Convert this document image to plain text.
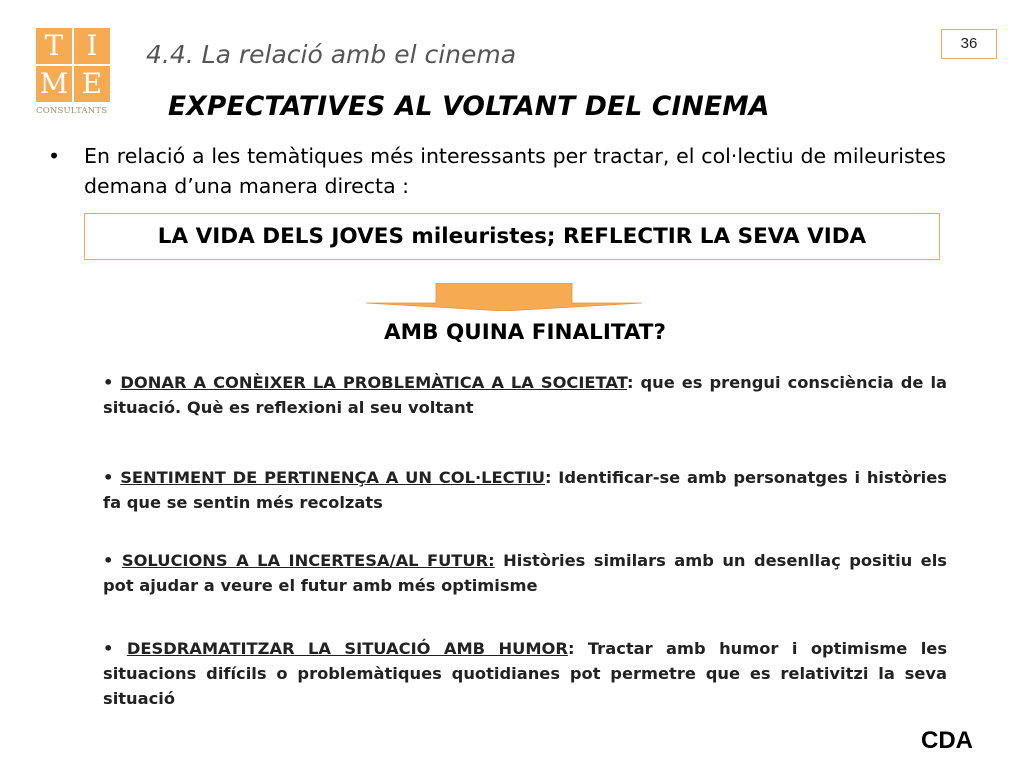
T I
M E
CONSULTANTS
4.4. La relació amb el cinema	36
EXPECTATIVES AL VOLTANT DEL CINEMA
•	En relació a les temàtiques més interessants per tractar, el col·lectiu de mileuristes demana d’una manera directa :
LA VIDA DELS JOVES mileuristes; REFLECTIR LA SEVA VIDA
AMB QUINA FINALITAT?
• DONAR A CONÈIXER LA PROBLEMÀTICA A LA SOCIETAT: que es prengui consciència de la situació. Què es reflexioni al seu voltant
• SENTIMENT DE PERTINENÇA A UN COL·LECTIU: Identificar-se amb personatges i històries fa que se sentin més recolzats
• SOLUCIONS A LA INCERTESA/AL FUTUR: Històries similars amb un desenllaç positiu els pot ajudar a veure el futur amb més optimisme
• DESDRAMATITZAR LA SITUACIÓ AMB HUMOR: Tractar amb humor i optimisme les situacions difícils o problemàtiques quotidianes pot permetre que es relativitzi la seva situació
CDA
